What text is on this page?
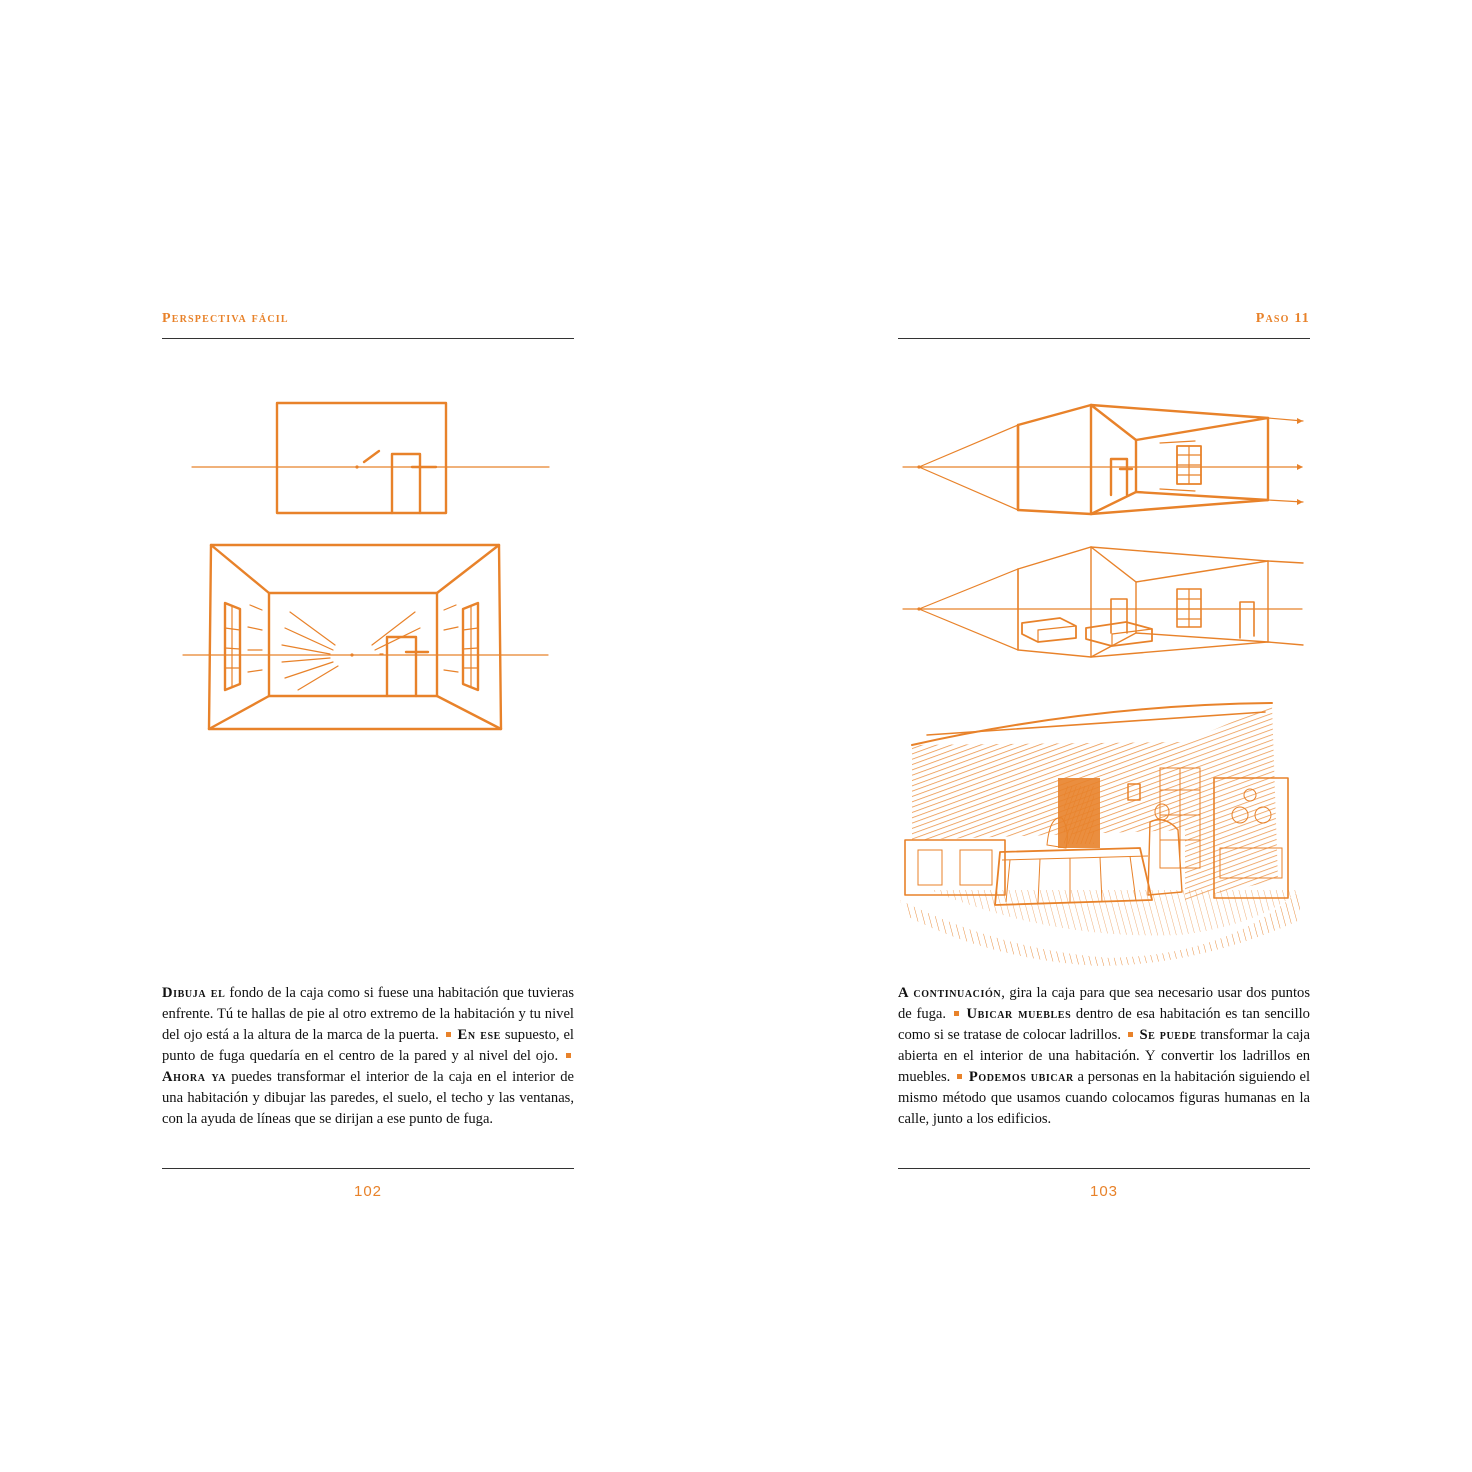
Perspectiva fácil
Dibuja el fondo de la caja como si fuese una habitación que tuvieras enfrente. Tú te hallas de pie al otro extremo de la habitación y tu nivel del ojo está a la altura de la marca de la puerta. En ese supuesto, el punto de fuga quedaría en el centro de la pared y al nivel del ojo.  Ahora ya puedes transformar el interior de la caja en el interior de una habitación y dibujar las paredes, el suelo, el techo y las ventanas, con la ayuda de líneas que se dirijan a ese punto de fuga.
102
Paso 11
A continuación, gira la caja para que sea necesario usar dos puntos de fuga. Ubicar muebles dentro de esa habitación es tan sencillo como si se tratase de colocar ladrillos. Se puede transformar la caja abierta en el interior de una habitación. Y convertir los ladrillos en muebles. Podemos ubicar a personas en la habitación siguiendo el mismo método que usamos cuando colocamos figuras humanas en la calle, junto a los edificios.
103
